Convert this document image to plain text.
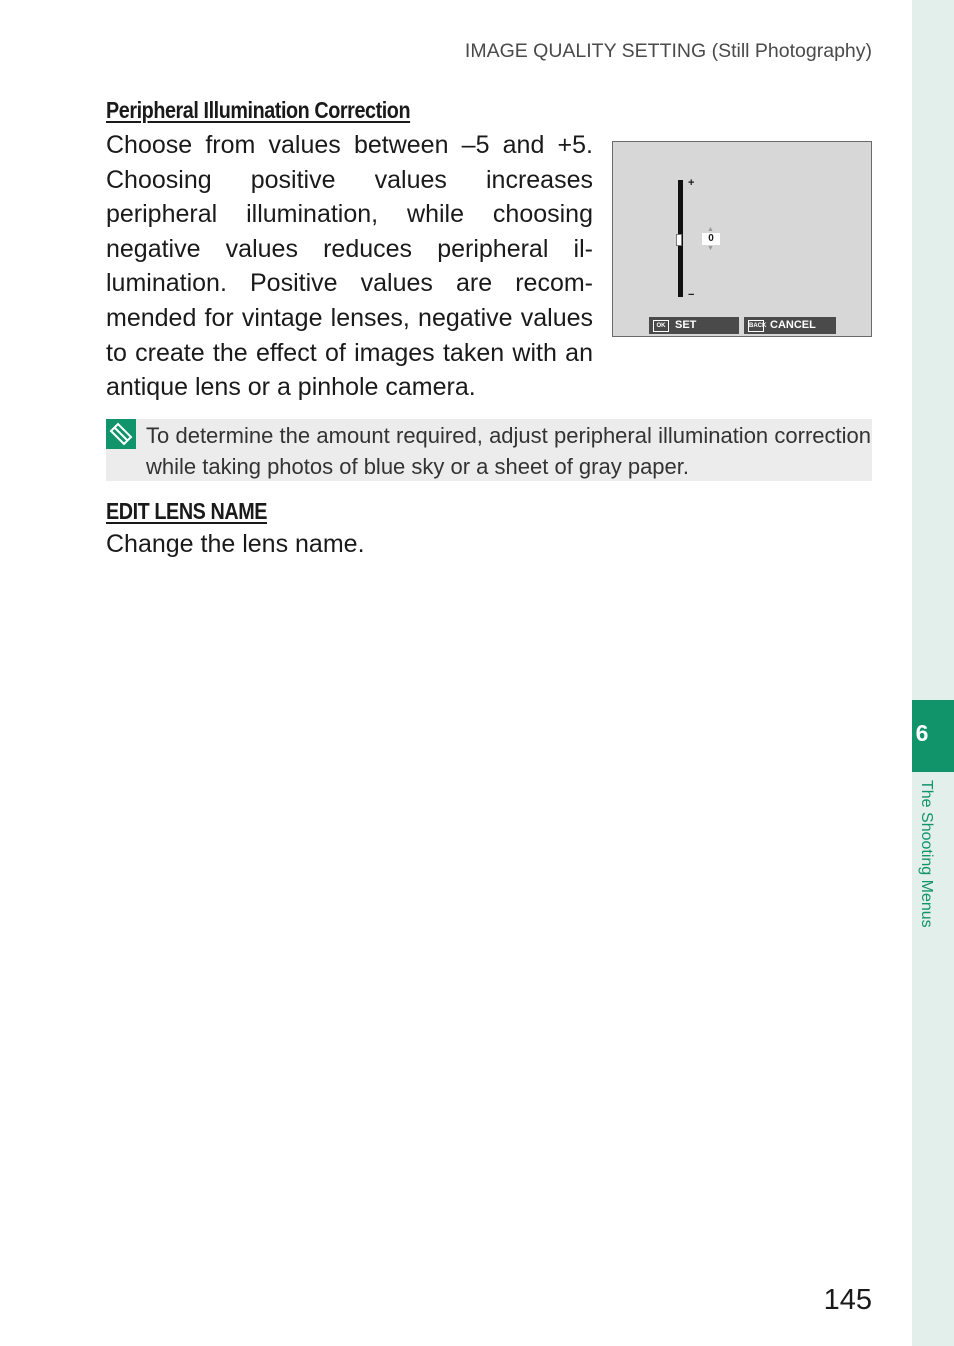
IMAGE QUALITY SETTING (Still Photography)
6
The Shooting Menus
Peripheral Illumination Correction
Choose from values between –5 and +5. Choosing positive values increases peripheral illumination, while choosing negative values reduces peripheral illumination. Positive values are recommended for vintage lenses, negative values to create the effect of images taken with an antique lens or a pinhole camera.
+
−
▲
0
▼
OK SET	BACK CANCEL
To determine the amount required, adjust peripheral illumination correction while taking photos of blue sky or a sheet of gray paper.
EDIT LENS NAME
Change the lens name.
145
